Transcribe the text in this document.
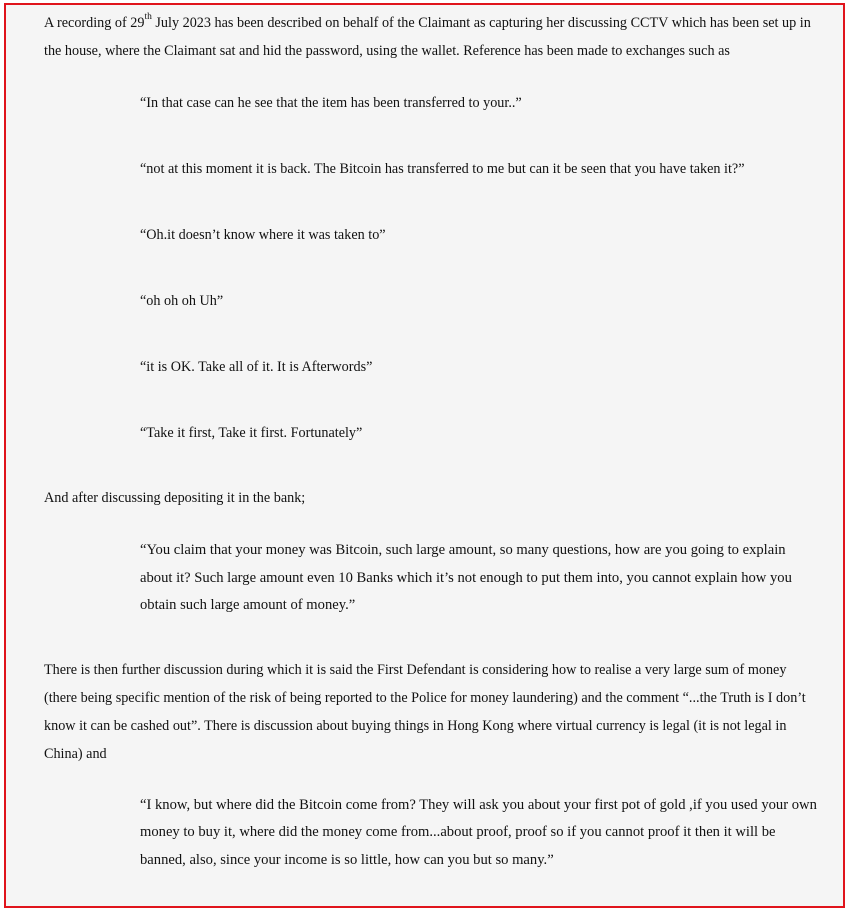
A recording of 29th July 2023 has been described on behalf of the Claimant as capturing her discussing CCTV which has been set up in the house, where the Claimant sat and hid the password, using the wallet. Reference has been made to exchanges such as

“In that case can he see that the item has been transferred to your..”

“not at this moment it is back. The Bitcoin has transferred to me but can it be seen that you have taken it?”

“Oh.it doesn’t know where it was taken to”

“oh oh oh Uh”

“it is OK. Take all of it. It is Afterwords”

“Take it first, Take it first. Fortunately”

And after discussing depositing it in the bank;

“You claim that your money was Bitcoin, such large amount, so many questions, how are you going to explain about it? Such large amount even 10 Banks which it’s not enough to put them into, you cannot explain how you obtain such large amount of money.”

There is then further discussion during which it is said the First Defendant is considering how to realise a very large sum of money (there being specific mention of the risk of being reported to the Police for money laundering) and the comment “...the Truth is I don’t know it can be cashed out”. There is discussion about buying things in Hong Kong where virtual currency is legal (it is not legal in China) and

“I know, but where did the Bitcoin come from? They will ask you about your first pot of gold ,if you used your own money to buy it, where did the money come from...about proof, proof so if you cannot proof it then it will be banned, also, since your income is so little, how can you but so many.”
